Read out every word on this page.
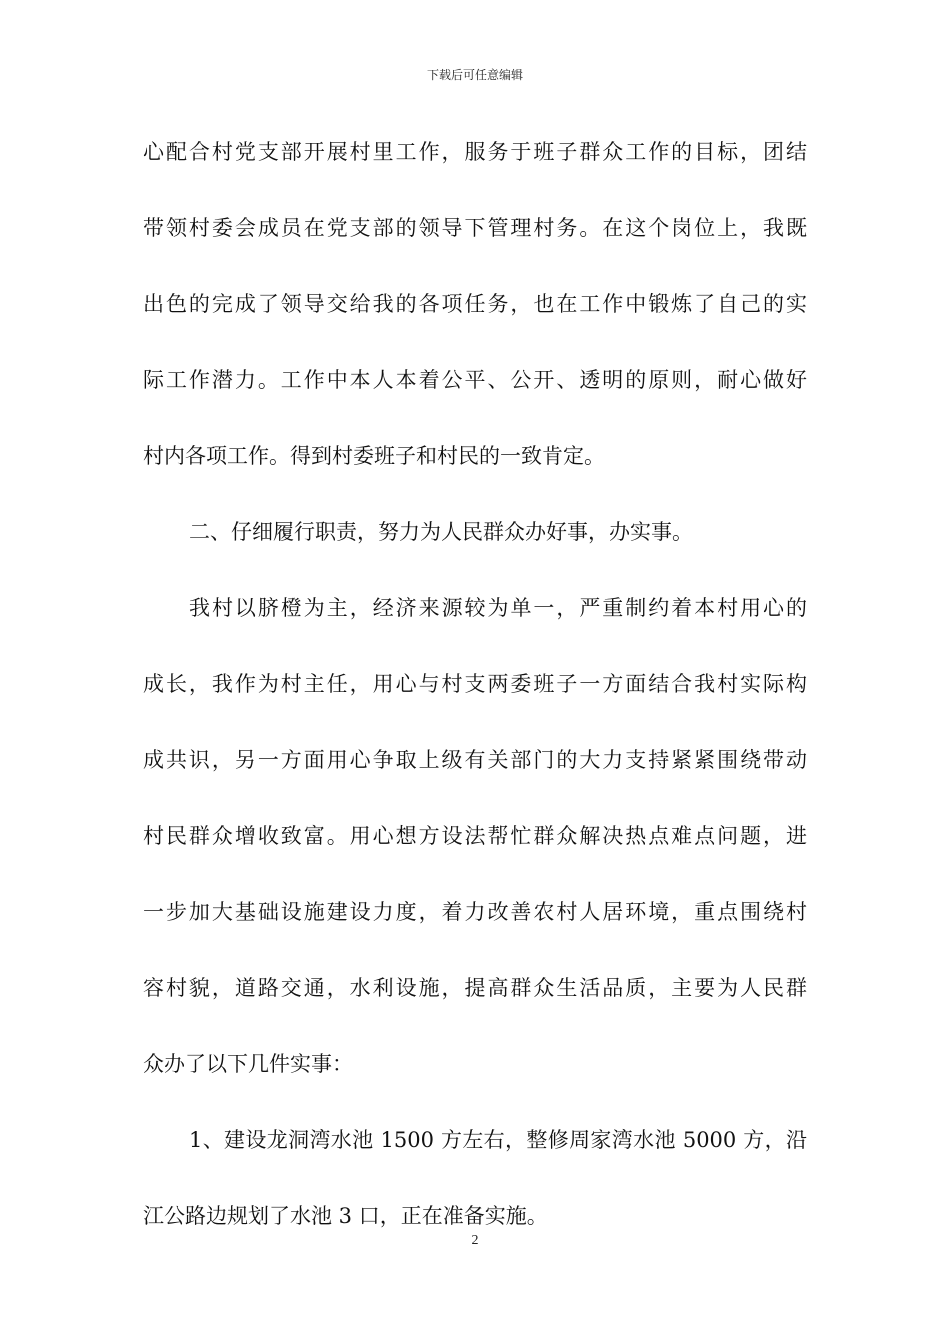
下载后可任意编辑
心配合村党支部开展村里工作，服务于班子群众工作的目标，团结
带领村委会成员在党支部的领导下管理村务。在这个岗位上，我既
出色的完成了领导交给我的各项任务，也在工作中锻炼了自己的实
际工作潜力。工作中本人本着公平、公开、透明的原则，耐心做好
村内各项工作。得到村委班子和村民的一致肯定。
二、仔细履行职责，努力为人民群众办好事，办实事。
我村以脐橙为主，经济来源较为单一，严重制约着本村用心的
成长，我作为村主任，用心与村支两委班子一方面结合我村实际构
成共识，另一方面用心争取上级有关部门的大力支持紧紧围绕带动
村民群众增收致富。用心想方设法帮忙群众解决热点难点问题，进
一步加大基础设施建设力度，着力改善农村人居环境，重点围绕村
容村貌，道路交通，水利设施，提高群众生活品质，主要为人民群
众办了以下几件实事：
1、建设龙洞湾水池 1500 方左右，整修周家湾水池 5000 方，沿
江公路边规划了水池 3 口，正在准备实施。
2
